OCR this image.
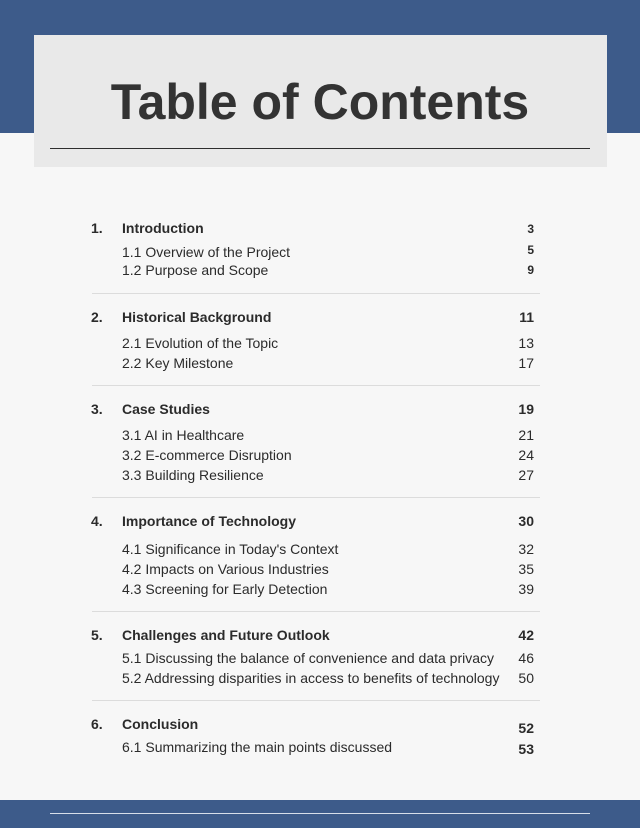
Table of Contents
1. Introduction	3
1.1 Overview of the Project	5
1.2 Purpose and Scope	9
2. Historical Background	11
2.1 Evolution of the Topic	13
2.2 Key Milestone	17
3. Case Studies	19
3.1 AI in Healthcare	21
3.2 E-commerce Disruption	24
3.3 Building Resilience	27
4. Importance of Technology	30
4.1 Significance in Today's Context	32
4.2 Impacts on Various Industries	35
4.3 Screening for Early Detection	39
5. Challenges and Future Outlook	42
5.1 Discussing the balance of convenience and data privacy 46
5.2 Addressing disparities in access to benefits of technology 50
6. Conclusion	52
6.1 Summarizing the main points discussed	53
